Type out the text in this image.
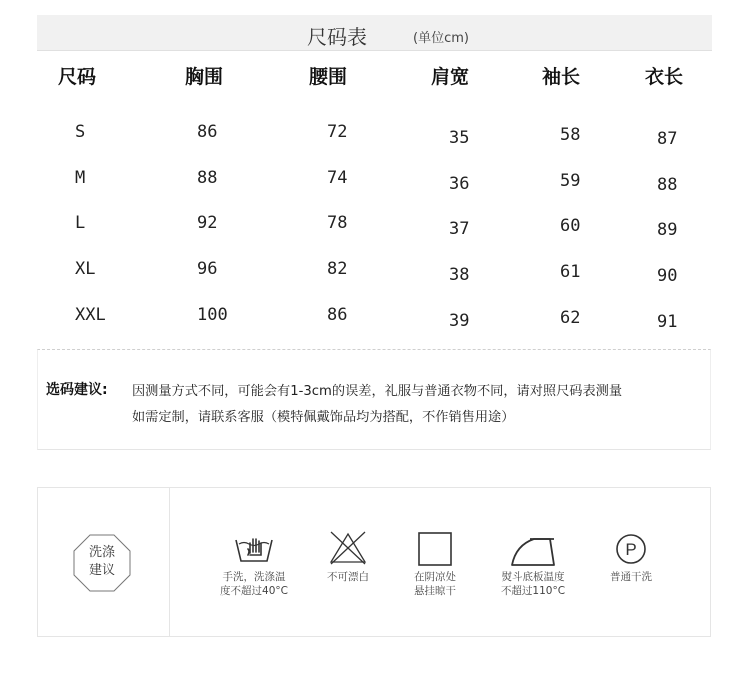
尺码表	(单位cm)
尺码	胸围	腰围	肩宽	袖长	衣长
S	86	72	35	58	87
M	88	74	36	59	88
L	92	78	37	60	89
XL	96	82	38	61	90
XXL	100	86	39	62	91
选码建议: 因测量方式不同，可能会有1-3cm的误差，礼服与普通衣物不同，请对照尺码表测量
如需定制，请联系客服（模特佩戴饰品均为搭配，不作销售用途）
洗涤
建议	手洗，洗涤温
度不超过40°C
不可漂白	在阴凉处
悬挂晾干
熨斗底板温度
不超过110°C
P
普通干洗
